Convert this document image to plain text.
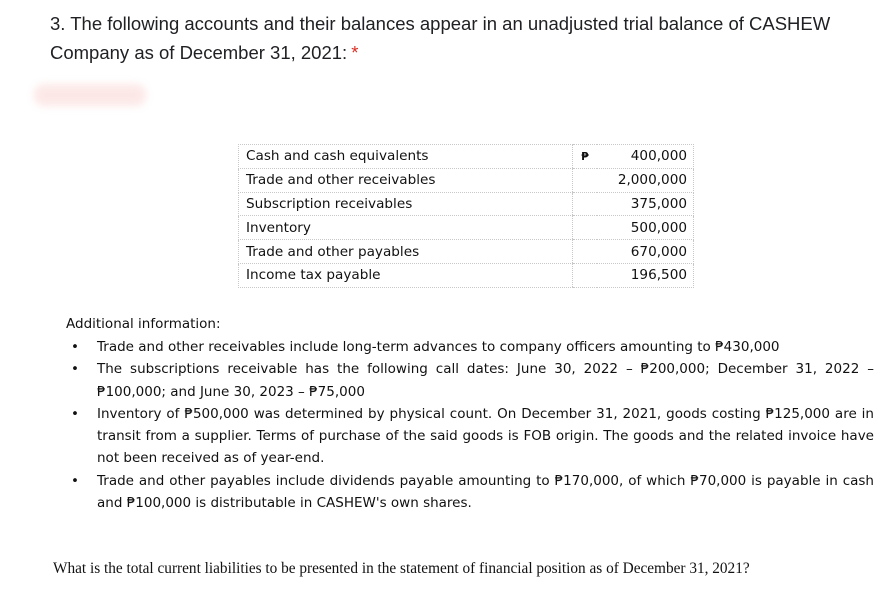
3. The following accounts and their balances appear in an unadjusted trial balance of CASHEW Company as of December 31, 2021: *
Cash and cash equivalents	₱	400,000
Trade and other receivables		2,000,000
Subscription receivables		375,000
Inventory		500,000
Trade and other payables		670,000
Income tax payable		196,500
Additional information:
• Trade and other receivables include long-term advances to company officers amounting to ₱430,000
• The subscriptions receivable has the following call dates: June 30, 2022 – ₱200,000; December 31, 2022 – ₱100,000; and June 30, 2023 – ₱75,000
• Inventory of ₱500,000 was determined by physical count. On December 31, 2021, goods costing ₱125,000 are in transit from a supplier. Terms of purchase of the said goods is FOB origin. The goods and the related invoice have not been received as of year-end.
• Trade and other payables include dividends payable amounting to ₱170,000, of which ₱70,000 is payable in cash and ₱100,000 is distributable in CASHEW's own shares.
What is the total current liabilities to be presented in the statement of financial position as of December 31, 2021?
